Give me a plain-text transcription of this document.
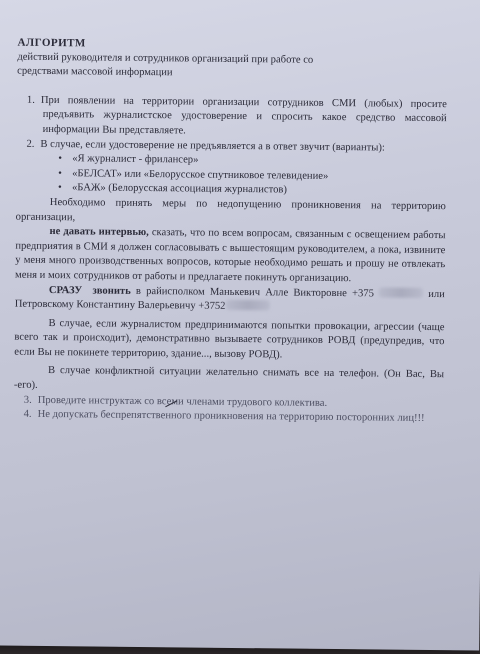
АЛГОРИТМ
действий руководителя и сотрудников организаций при работе со
средствами массовой информации
1. При появлении на территории организации сотрудников СМИ (любых) просите предъявить журналистское удостоверение и спросить какое средство массовой информации Вы представляете.
2. В случае, если удостоверение не предъявляется а в ответ звучит (варианты):
• «Я журналист - фрилансер»
• «БЕЛСАТ» или «Белорусское спутниковое телевидение»
• «БАЖ» (Белорусская ассоциация журналистов)

Необходимо принять меры по недопущению проникновения на территорию организации,

не давать интервью, сказать, что по всем вопросам, связанным с освещением работы предприятия в СМИ я должен согласовывать с вышестоящим руководителем, а пока, извините у меня много производственных вопросов, которые необходимо решать и прошу не отвлекать меня и моих сотрудников от работы и предлагаете покинуть организацию.

СРАЗУ звонить в райисполком Манькевич Алле Викторовне +375	или Петровскому Константину Валерьевичу +3752

В случае, если журналистом предпринимаются попытки провокации, агрессии (чаще всего так и происходит), демонстративно вызываете сотрудников РОВД (предупредив, что если Вы не покинете территорию, здание..., вызову РОВД).

В случае конфликтной ситуации желательно снимать все на телефон. (Он Вас, Вы -его).

3. Проведите инструктаж со всеми членами трудового коллектива.
4. Не допускать беспрепятственного проникновения на территорию посторонних лиц!!!
